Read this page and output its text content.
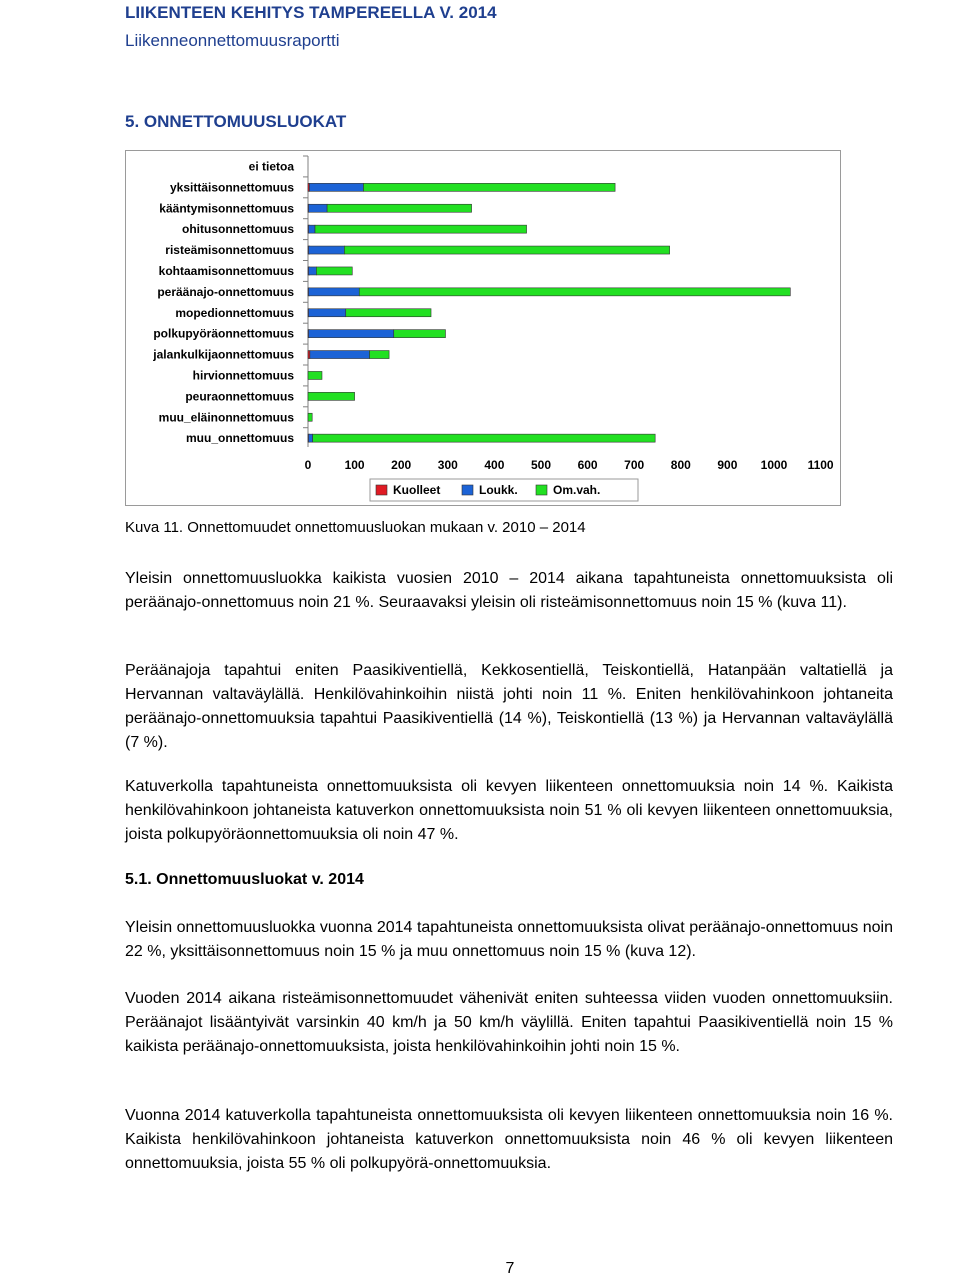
LIIKENTEEN KEHITYS TAMPEREELLA V. 2014
Liikenneonnettomuusraportti
5. ONNETTOMUUSLUOKAT
ei tietoa
yksittäisonnettomuus
kääntymisonnettomuus
ohitusonnettomuus
risteämisonnettomuus
kohtaamisonnettomuus
peräänajo-onnettomuus
mopedionnettomuus
polkupyöräonnettomuus
jalankulkijaonnettomuus
hirvionnettomuus
peuraonnettomuus
muu_eläinonnettomuus
muu_onnettomuus
0	100 200 300 400 500 600 700 800 900 1000 1100
Kuolleet	Loukk.	Om.vah.
Kuva 11. Onnettomuudet onnettomuusluokan mukaan v. 2010 – 2014

Yleisin onnettomuusluokka kaikista vuosien 2010 – 2014 aikana tapahtuneista onnettomuuksista oli peräänajo-onnettomuus noin 21 %. Seuraavaksi yleisin oli risteämisonnettomuus noin 15 % (kuva 11).

Peräänajoja tapahtui eniten Paasikiventiellä, Kekkosentiellä, Teiskontiellä, Hatanpään valtatiellä ja Hervannan valtaväylällä. Henkilövahinkoihin niistä johti noin 11 %. Eniten henkilövahinkoon johtaneita peräänajo-onnettomuuksia tapahtui Paasikiventiellä (14 %), Teiskontiellä (13 %) ja Hervannan valtaväylällä (7 %).

Katuverkolla tapahtuneista onnettomuuksista oli kevyen liikenteen onnettomuuksia noin 14 %. Kaikista henkilövahinkoon johtaneista katuverkon onnettomuuksista noin 51 % oli kevyen liikenteen onnettomuuksia, joista polkupyöräonnettomuuksia oli noin 47 %.

5.1. Onnettomuusluokat v. 2014

Yleisin onnettomuusluokka vuonna 2014 tapahtuneista onnettomuuksista olivat peräänajo-onnettomuus noin 22 %, yksittäisonnettomuus noin 15 % ja muu onnettomuus noin 15 % (kuva 12).

Vuoden 2014 aikana risteämisonnettomuudet vähenivät eniten suhteessa viiden vuoden onnettomuuksiin. Peräänajot lisääntyivät varsinkin 40 km/h ja 50 km/h väylillä. Eniten tapahtui Paasikiventiellä noin 15 % kaikista peräänajo-onnettomuuksista, joista henkilövahinkoihin johti noin 15 %.

Vuonna 2014 katuverkolla tapahtuneista onnettomuuksista oli kevyen liikenteen onnettomuuksia noin 16 %. Kaikista henkilövahinkoon johtaneista katuverkon onnettomuuksista noin 46 % oli kevyen liikenteen onnettomuuksia, joista 55 % oli polkupyörä-onnettomuuksia.

7
